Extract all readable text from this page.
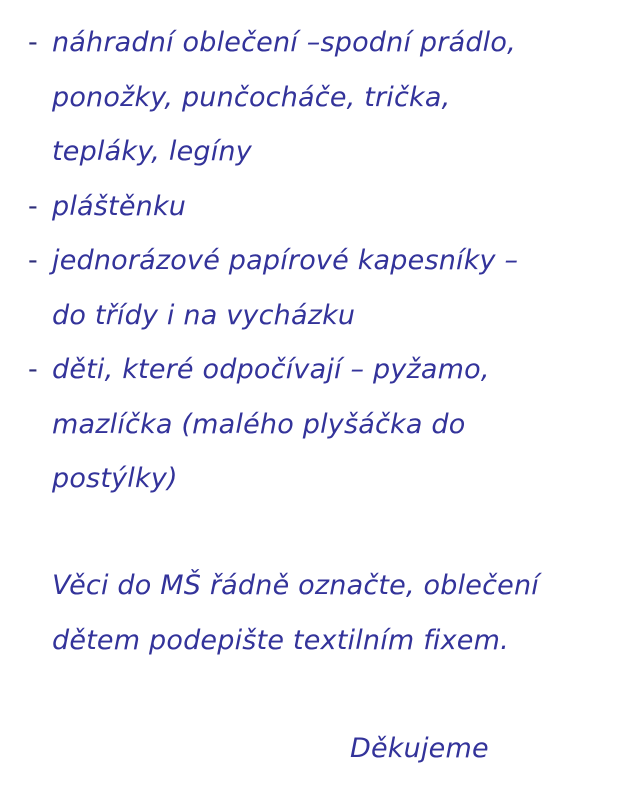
- náhradní oblečení –spodní prádlo,
ponožky, punčocháče, trička,
tepláky, legíny
- pláštěnku
- jednorázové papírové kapesníky –
do třídy i na vycházku
- děti, které odpočívají – pyžamo,
mazlíčka (malého plyšáčka do
postýlky)

Věci do MŠ řádně označte, oblečení
dětem podepište textilním fixem.

Děkujeme
